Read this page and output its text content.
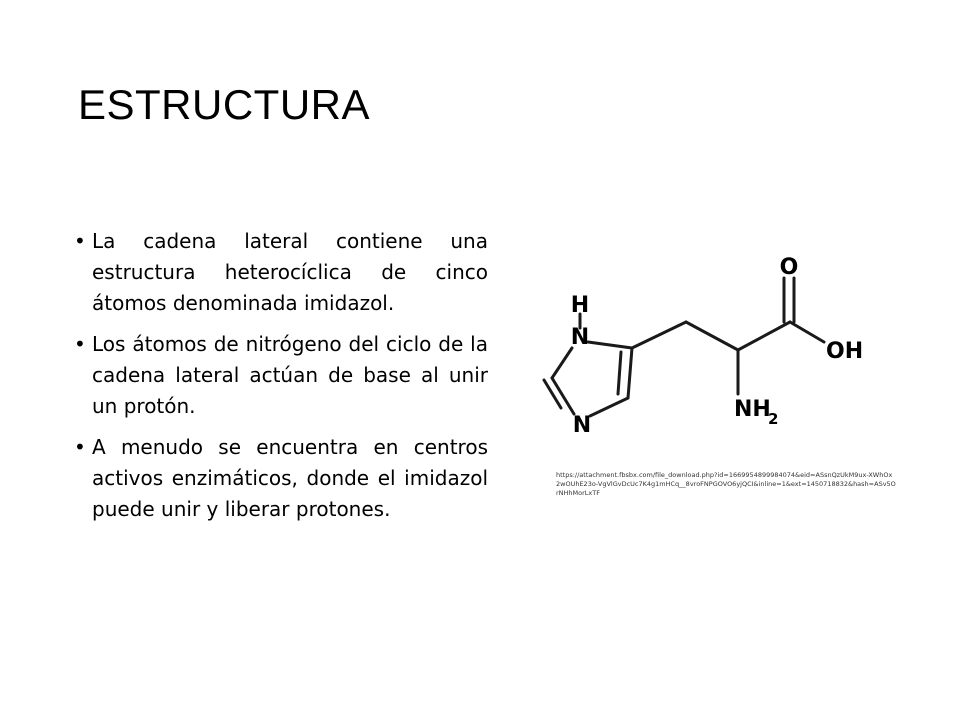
ESTRUCTURA
• La cadena lateral contiene una estructura heterocíclica de cinco átomos denominada imidazol.
• Los átomos de nitrógeno del ciclo de la cadena lateral actúan de base al unir un protón.
• A menudo se encuentra en centros activos enzimáticos, donde el imidazol puede unir y liberar protones.
H
N
N
O
OH
NH
2
https://attachment.fbsbx.com/file_download.php?id=1669954899984074&eid=ASsnQzUkM9ux-XWhOx2wOUhE23o-VgVlGvDcUc7K4g1mHCq__8vroFNPGOVO6yjQCI&inline=1&ext=1450718832&hash=ASv5OrNHhMorLxTF
